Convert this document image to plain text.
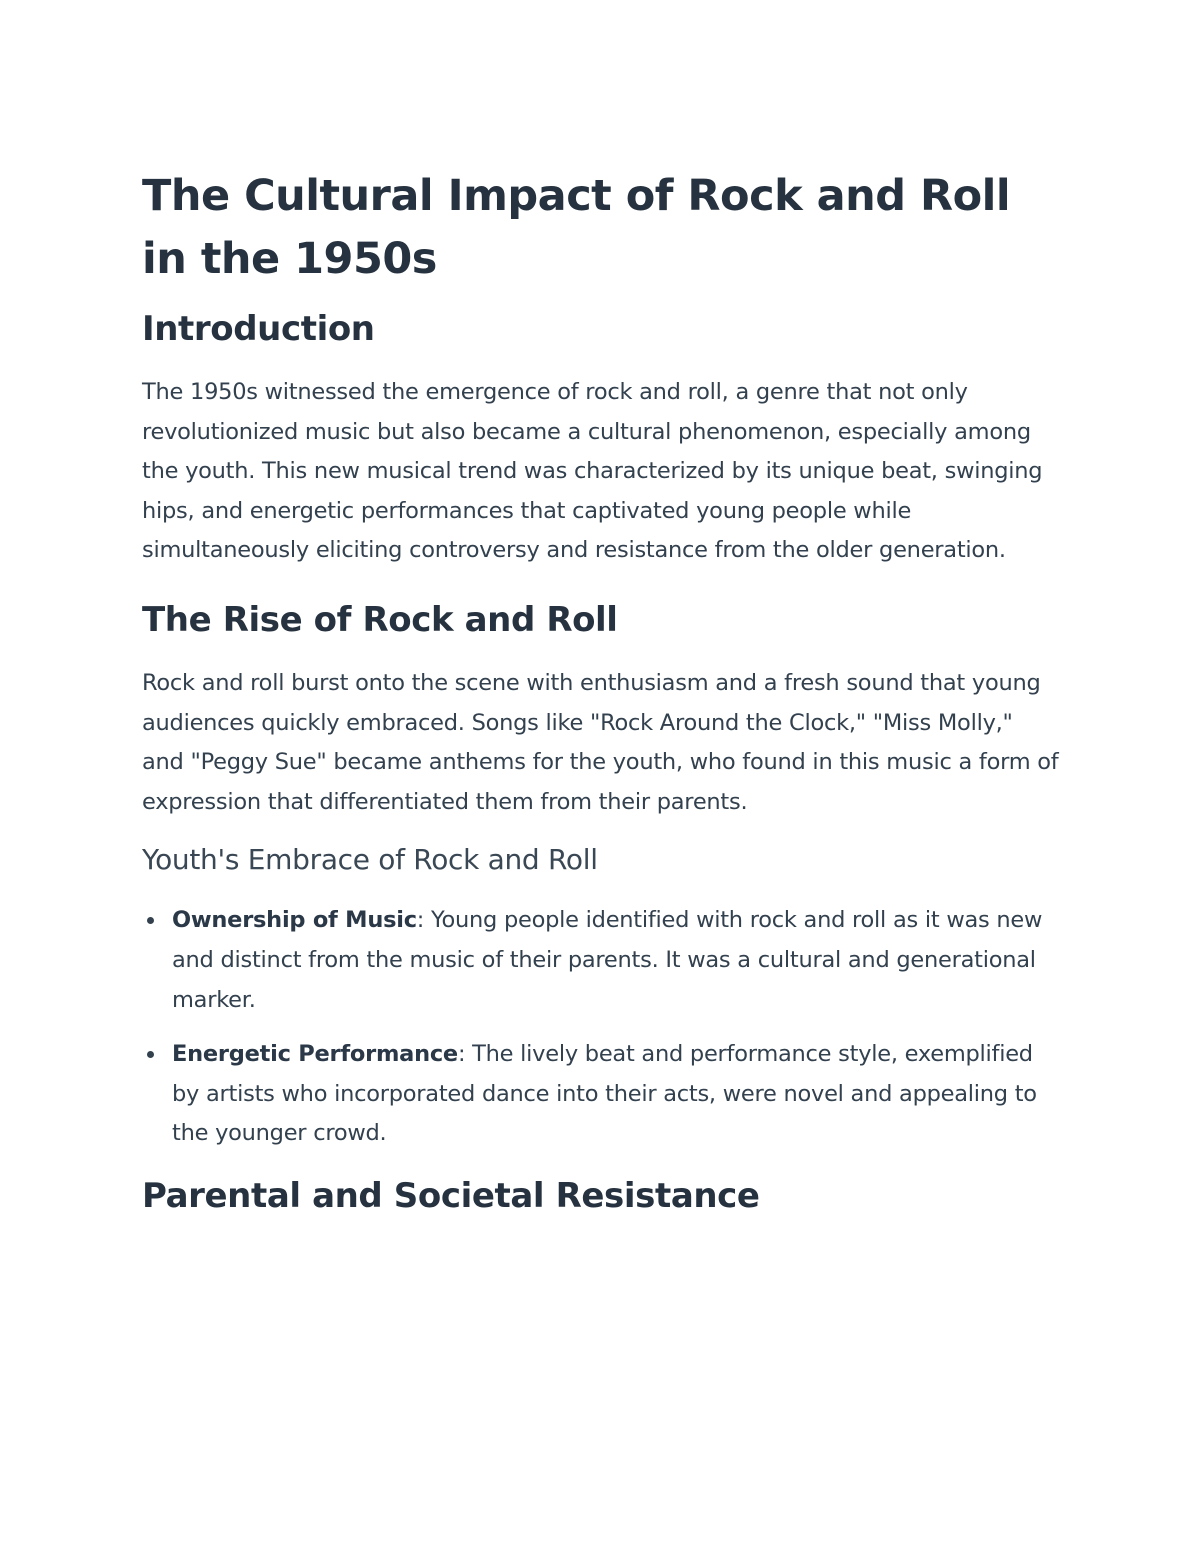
The Cultural Impact of Rock and Roll in the 1950s
Introduction

The 1950s witnessed the emergence of rock and roll, a genre that not only revolutionized music but also became a cultural phenomenon, especially among the youth. This new musical trend was characterized by its unique beat, swinging hips, and energetic performances that captivated young people while simultaneously eliciting controversy and resistance from the older generation.

The Rise of Rock and Roll

Rock and roll burst onto the scene with enthusiasm and a fresh sound that young audiences quickly embraced. Songs like "Rock Around the Clock," "Miss Molly," and "Peggy Sue" became anthems for the youth, who found in this music a form of expression that differentiated them from their parents.

Youth's Embrace of Rock and Roll
Ownership of Music: Young people identified with rock and roll as it was new and distinct from the music of their parents. It was a cultural and generational marker.
Energetic Performance: The lively beat and performance style, exemplified by artists who incorporated dance into their acts, were novel and appealing to the younger crowd.
Parental and Societal Resistance
